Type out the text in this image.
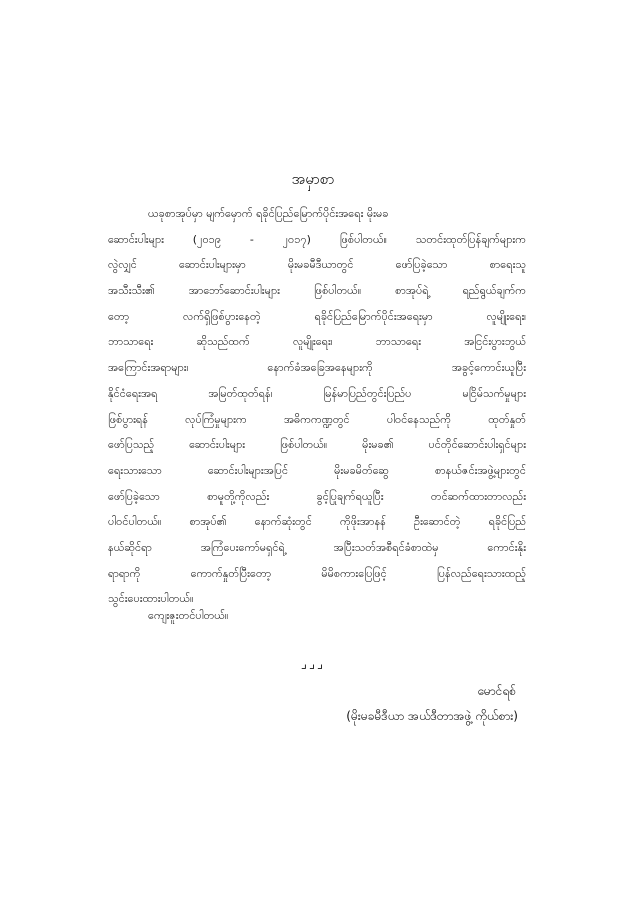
အမှာစာ
ယခုစာအုပ်မှာ မျက်မှောက် ရခိုင်ပြည်မြောက်ပိုင်းအရေး မိုးမခ
ဆောင်းပါးများ (၂၀၁၉ - ၂၀၁၇) ဖြစ်ပါတယ်။ သတင်းထုတ်ပြန်ချက်များက
လွဲလျှင် ဆောင်းပါးများမှာ မိုးမခမီဒီယာတွင် ဖော်ပြခဲ့သော စာရေးသူ
အသီးသီး၏ အာဘော်ဆောင်းပါးများ ဖြစ်ပါတယ်။ စာအုပ်ရဲ့ ရည်ရွယ်ချက်က
တော့ လက်ရှိဖြစ်ပွားနေတဲ့ ရခိုင်ပြည်မြောက်ပိုင်းအရေးမှာ လူမျိုးရေး၊
ဘာသာရေး ဆိုသည်ထက် လူမျိုးရေး၊ ဘာသာရေး အငြင်းပွားဘွယ်
အကြောင်းအရာများ၊ နောက်ခံအခြေအနေများကို အခွင့်ကောင်းယူပြီး
နိုင်ငံရေးအရ အမြတ်ထုတ်ရန်၊ မြန်မာပြည်တွင်းပြည်ပ မငြိမ်သက်မှုများ
ဖြစ်ပွားရန် လုပ်ကြံမှုများက အဓိကကဏ္ဍတွင် ပါဝင်နေသည်ကို ထုတ်နှုတ်
ဖော်ပြသည့် ဆောင်းပါးများ ဖြစ်ပါတယ်။ မိုးမခ၏ ပင်တိုင်ဆောင်းပါးရှင်များ
ရေးသားသော ဆောင်းပါးများအပြင် မိုးမခမိတ်ဆွေ စာနယ်ဇင်းအဖွဲ့များတွင်
ဖော်ပြခဲ့သော စာမူတို့ကိုလည်း ခွင့်ပြုချက်ရယူပြီး တင်ဆက်ထားတာလည်း
ပါဝင်ပါတယ်။ စာအုပ်၏ နောက်ဆုံးတွင် ကိုဖိုးအာနန် ဦးဆောင်တဲ့ ရခိုင်ပြည်
နယ်ဆိုင်ရာ အကြံပေးကော်မရှင်ရဲ့ အပြီးသတ်အစီရင်ခံစာထဲမှ ကောင်းနိုး
ရာရာကို ကောက်နှုတ်ပြီးတော့ မိမိစကားပြေဖြင့် ပြန်လည်ရေးသားထည့်
သွင်းပေးထားပါတယ်။
ကျေးဇူးတင်ပါတယ်။
⌟⌟⌟
မောင်ရစ်
(မိုးမခမီဒီယာ အယ်ဒီတာအဖွဲ့ ကိုယ်စား)
